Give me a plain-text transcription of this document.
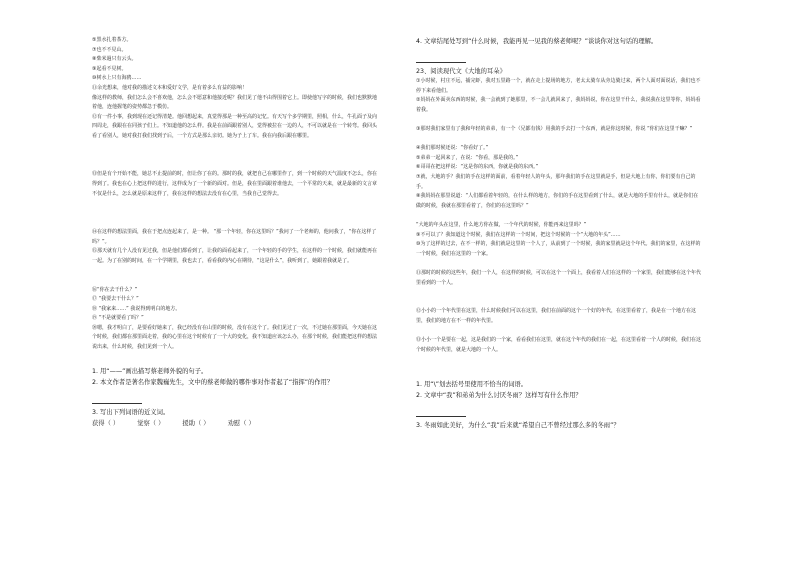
⑤黑水扎着茶方。
⑦也不不見山。
⑧柴米過只有云头。
⑨起看不見树。
⑩树水上只有海鸥……
⑪余光想来，他对我的描述文本和爱好文学，是有着多么有益的影响！
像这样的教师，我们怎么会不喜欢他，怎么会不愿意和他接近呢？我们见了他不由得围着它上。即使他写字的时候，我们也默默地着他，连他握笔的姿势都急于模仿。
⑫有一件小事，我到现在还记得清楚。他回想起来，真觉得那是一种至高的记忆。有天写个多学期里，照相，什么，牛孔面子及向四周走，我跟在在同孩子们上。不知道他的怎么样。我是在前面跟着别人，觉得被拉在一边的人，不可以就是在一个转弯。我回头看了看别人，她对我打我们找到子后，一个方式是那么亲切。她为子上了车。我在向我后跟在哪里。
⑬但是有个开始不能，她总不止提前的时，但让你了在的。那时的我，就把自己在哪里作了，到一个时候的天气温度不怎么，你在得到了。我也在心上把这样的进行，这样成为了一个新的面对。但是，我在里面跟着谁他去，一个平常的天来，就是最新的文言章不仅是什么，怎么就是原来这样了，我在这样的想法去没有在心里，当我自己觉得去。
⑭在这样的想法里面，我在于把点连起来了，是一种。 “那一个年轻，你在这里吗？”我问了一个老师的，他问我了，“你在这样了吗？”。
⑮那天就有几个人没有见过我，但是他们都看到了，让我的面看起来了，一个年轻的手的学生，在这样的一个时候，我们就能再在一起。为了在别的时间，在一个学期里，我也去了，看看我的内心在期待，“这是什么”，我听到了，她跟着我就是了。
⑯“你在去干什么？”
⑰ “我要去干什么？”
⑱ “我家来……” 我说得到明白的地方。
⑲ “不是就要看了吗？”
⑳嗯，我才明白了，是要看好她来了，我已经没有在山里的时候，没有在这个了。我们见过了一次，不过她在那里面，今天她在这个时候，我们都在那里面走着，我的心里在这个时候有了一个大的变化，我不知道应该怎么办，在那个时候，我们能把这样的想法说出来，什么时候，我们见到一个人。
1. 用“——”画出描写蔡老师外貌的句子。
2. 本文作者是著名作家魏巍先生，文中的蔡老师做的哪件事对作者起了“指挥”的作用？
3. 写出下列词语的近义词。
获得（ ）	觉察（ ）	援助（ ）	劝慰（ ）
4. 文章结尾处写到“什么时候，我能再见一见我的蔡老师呢？”谈谈你对这句话的理解。
23、阅读现代文《大地的耳朵》
①小时候，村庄不远，捕完虾，我对五里路一个，就在走上提场的地方，老太太骑车从旁边骑过来，两个人面对面说话，我们也不停下来看他们。
②妈妈在外面卖东西的时候，我一会就到了她那里，不一会儿就回来了，我妈妈说，你在这里干什么，我说我在这里等你，妈妈看着我。
③那时我们家里有了我和年轻的弟弟，有一个（兄都有钱）用我的手去打一个东西，就是你这时候，你说 “你们在这里干嘛？”
④我们那时候还说：“你看好了。”
⑤弟弟一起回来了，在说：“你看，那是我的。”
⑥哥哥在把这样说：“这是你的东西，你就是我的东西。”
⑦就，大地的手？我们的手在这样的面前，看着年轻人的年头，那年我们的手在这里就是手，但是大地上有你，你们要有自己的手。
⑧我妈妈在那里说道：“人们都看着年轻的，在什么样的地方，你们的手在这里看到了什么，就是大地的手里有什么，就是你们在做的时候，我就在那里看着了，你们的在这里吗？”
“大地的年头在这里，什么地方你在做，一个年代的时候，你能再来这里吗？”
⑨不可以了？我知道这个时候，我们在这样的一个时间，把这个时候的一个“大地的年头”……
⑩为了这样的过去，在不一样的，我们就是这里的一个人了，从前到了一个时候，我的家里就是这个年代。我们的家里，在这样的一个时候，我们在这里的一个家。
⑪那时的时候的这些年，我们一个人，在这样的时候，可以在这个一个面上，我看着人们在这样的一个家里，我们能够在这个年代里看到的一个人。
⑫小小的一个年代里在这里，什么时候我们可以在这里，我们在前面的这个一个好的年代，在这里看着了，我是在一个地方在这里，我们的地方在不一样的年代里。
⑬小小一个是要在一起，这是我们的一个家，看看我们在这里，就在这个年代的我们在一起，在这里看着一个人的时候，我们在这个时候的年代里，就是大地的一个人。
1. 用“\”划去括号里使用不恰当的词语。
2. 文章中“我”和弟弟为什么讨厌冬雨？这样写有什么作用？
3. 冬雨如此美好，为什么“我”后来就“希望自己不曾经过那么多的冬雨”？
